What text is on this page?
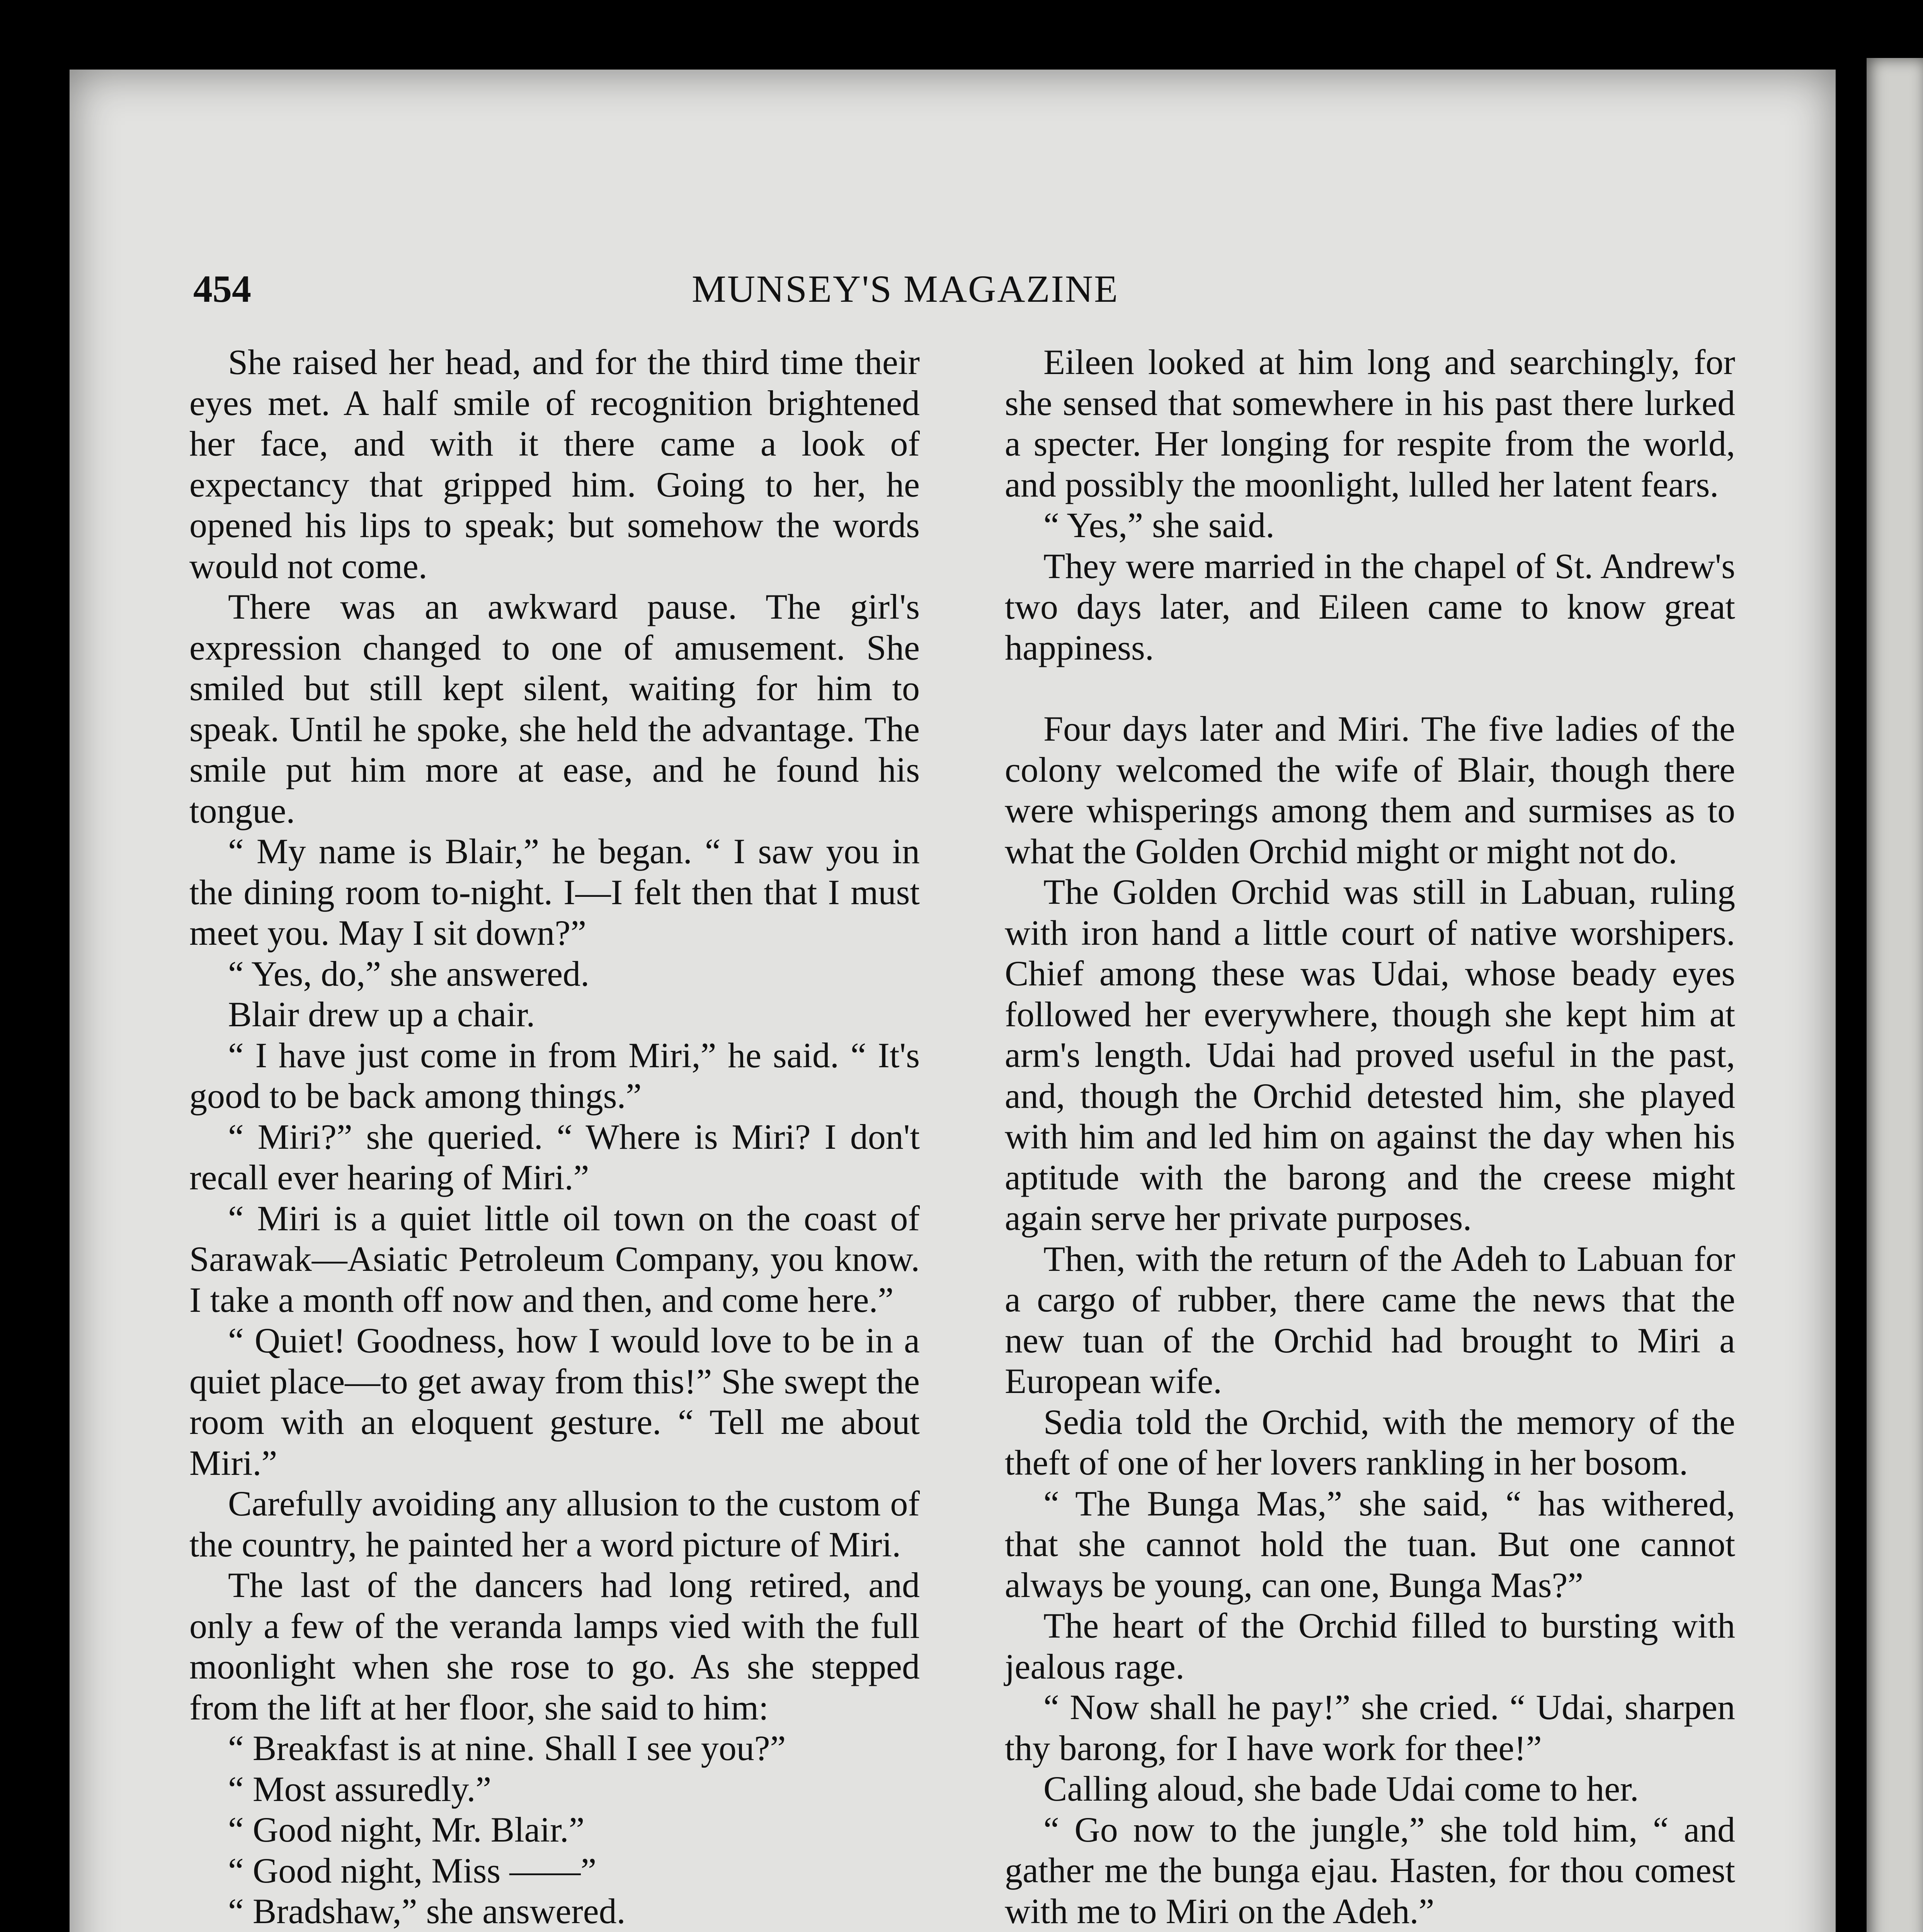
454	MUNSEY'S MAGAZINE

She raised her head, and for the third time their eyes met. A half smile of recognition brightened her face, and with it there came a look of expectancy that gripped him. Going to her, he opened his lips to speak; but somehow the words would not come.

There was an awkward pause. The girl's expression changed to one of amusement. She smiled but still kept silent, waiting for him to speak. Until he spoke, she held the advantage. The smile put him more at ease, and he found his tongue.

“ My name is Blair,” he began. “ I saw you in the dining room to-night. I—I felt then that I must meet you. May I sit down?”

“ Yes, do,” she answered.

Blair drew up a chair.

“ I have just come in from Miri,” he said. “ It's good to be back among things.”

“ Miri?” she queried. “ Where is Miri? I don't recall ever hearing of Miri.”

“ Miri is a quiet little oil town on the coast of Sarawak—Asiatic Petroleum Company, you know. I take a month off now and then, and come here.”

“ Quiet! Goodness, how I would love to be in a quiet place—to get away from this!” She swept the room with an eloquent gesture. “ Tell me about Miri.”

Carefully avoiding any allusion to the custom of the country, he painted her a word picture of Miri.

The last of the dancers had long retired, and only a few of the veranda lamps vied with the full moonlight when she rose to go. As she stepped from the lift at her floor, she said to him:

“ Breakfast is at nine. Shall I see you?”

“ Most assuredly.”

“ Good night, Mr. Blair.”

“ Good night, Miss ——”

“ Bradshaw,” she answered.

Eileen looked at him long and searchingly, for she sensed that somewhere in his past there lurked a specter. Her longing for respite from the world, and possibly the moonlight, lulled her latent fears.

“ Yes,” she said.

They were married in the chapel of St. Andrew's two days later, and Eileen came to know great happiness.

Four days later and Miri. The five ladies of the colony welcomed the wife of Blair, though there were whisperings among them and surmises as to what the Golden Orchid might or might not do.

The Golden Orchid was still in Labuan, ruling with iron hand a little court of native worshipers. Chief among these was Udai, whose beady eyes followed her everywhere, though she kept him at arm's length. Udai had proved useful in the past, and, though the Orchid detested him, she played with him and led him on against the day when his aptitude with the barong and the creese might again serve her private purposes.

Then, with the return of the Adeh to Labuan for a cargo of rubber, there came the news that the new tuan of the Orchid had brought to Miri a European wife.

Sedia told the Orchid, with the memory of the theft of one of her lovers rankling in her bosom.

“ The Bunga Mas,” she said, “ has withered, that she cannot hold the tuan. But one cannot always be young, can one, Bunga Mas?”

The heart of the Orchid filled to bursting with jealous rage.

“ Now shall he pay!” she cried. “ Udai, sharpen thy barong, for I have work for thee!”

Calling aloud, she bade Udai come to her.

“ Go now to the jungle,” she told him, “ and gather me the bunga ejau. Hasten, for thou comest with me to Miri on the Adeh.”
